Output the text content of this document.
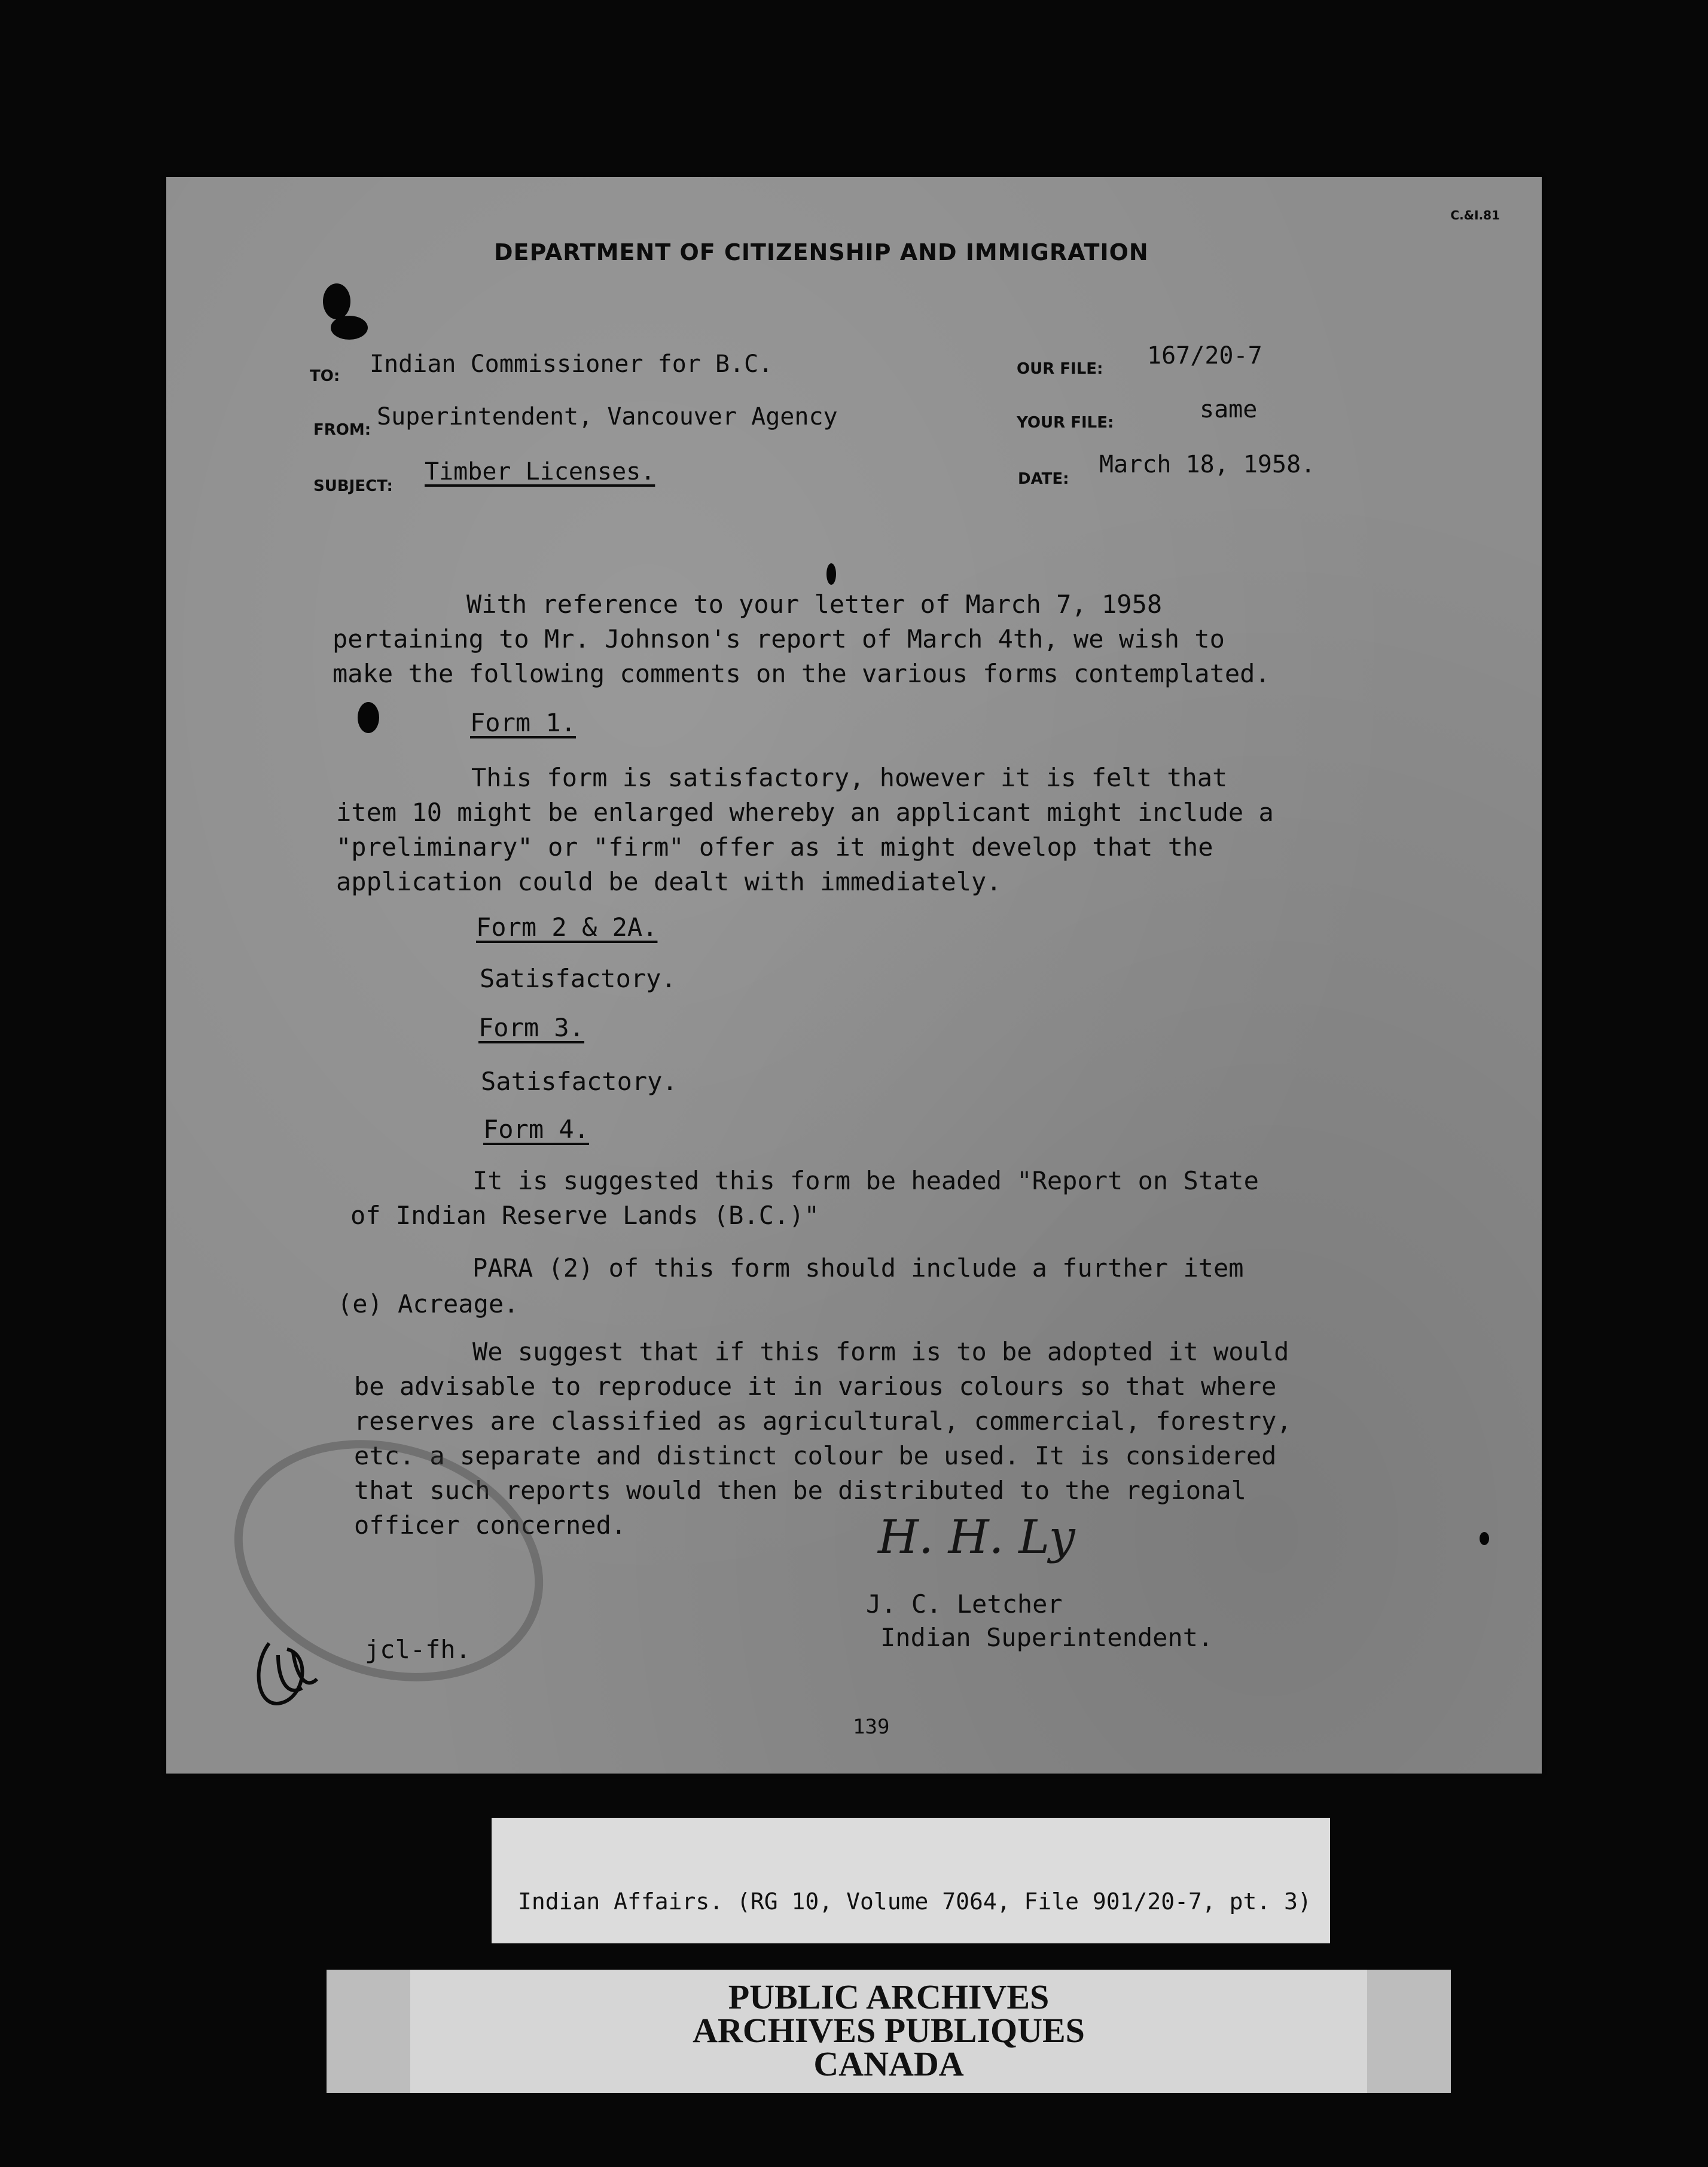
C.&I.81
DEPARTMENT OF CITIZENSHIP AND IMMIGRATION
TO: Indian Commissioner for B.C.
FROM: Superintendent, Vancouver Agency
SUBJECT:
Timber Licenses.
OUR FILE: 167/20-7
YOUR FILE:	same
DATE:
March 18, 1958.
With reference to your letter of March 7, 1958
pertaining to Mr. Johnson's report of March 4th, we wish to
make the following comments on the various forms contemplated.
Form 1.
This form is satisfactory, however it is felt that
item 10 might be enlarged whereby an applicant might include a
"preliminary" or "firm" offer as it might develop that the
application could be dealt with immediately.
Form 2 & 2A.
Satisfactory.
Form 3.
Satisfactory.
Form 4.
It is suggested this form be headed "Report on State
of Indian Reserve Lands (B.C.)"
PARA (2) of this form should include a further item
(e) Acreage.
We suggest that if this form is to be adopted it would
be advisable to reproduce it in various colours so that where
reserves are classified as agricultural, commercial, forestry,
etc. a separate and distinct colour be used. It is considered
that such reports would then be distributed to the regional
officer concerned.	H. H. Ly
J. C. Letcher
Indian Superintendent.
jcl-fh.
139
Indian Affairs. (RG 10, Volume 7064, File 901/20-7, pt. 3)
PUBLIC ARCHIVES
ARCHIVES PUBLIQUES
CANADA
